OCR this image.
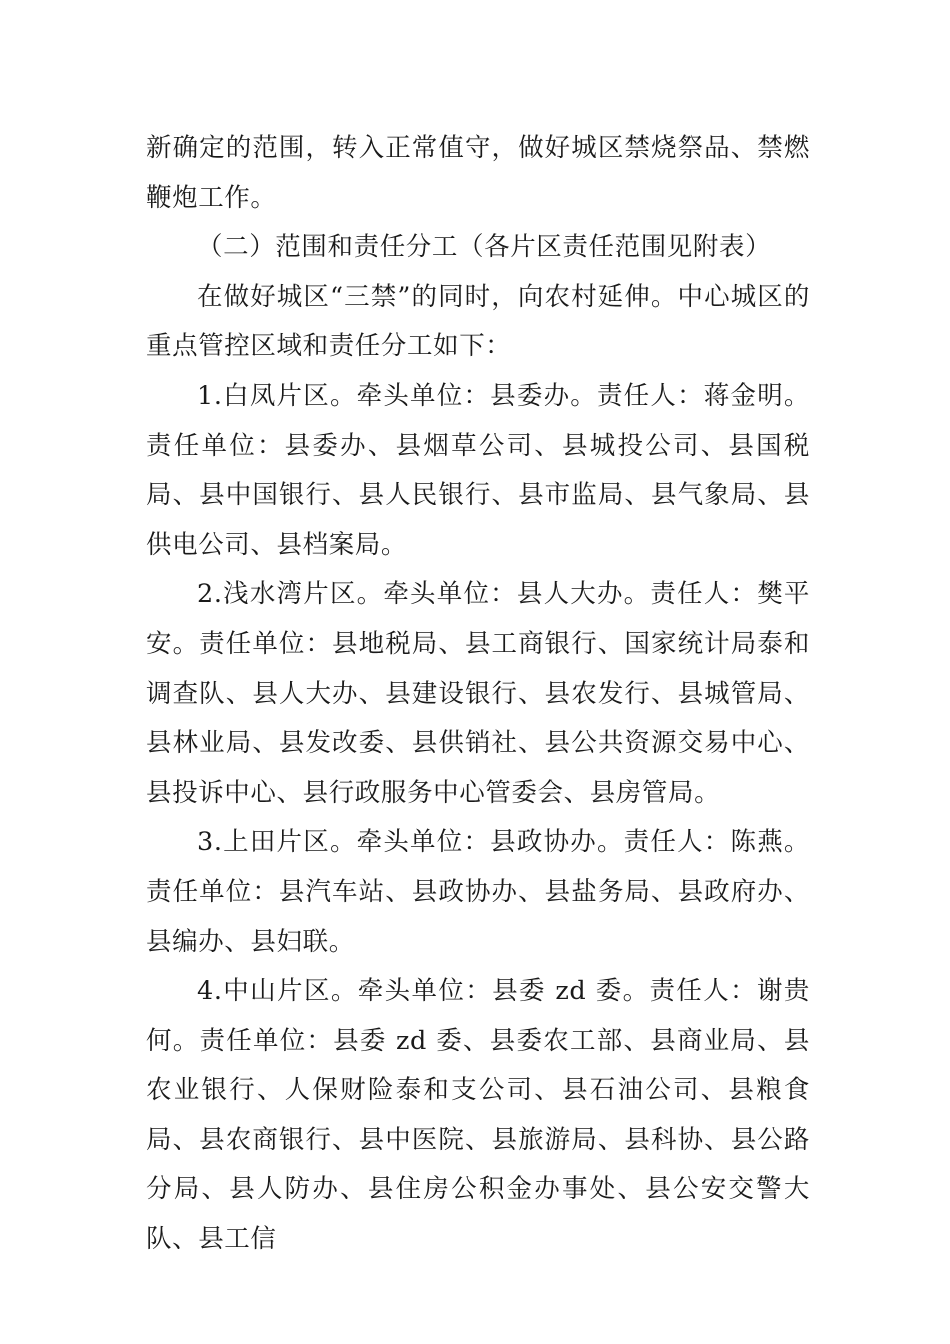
新确定的范围，转入正常值守，做好城区禁烧祭品、禁燃鞭炮工作。

（二）范围和责任分工（各片区责任范围见附表）

在做好城区“三禁”的同时，向农村延伸。中心城区的重点管控区域和责任分工如下：

1.白凤片区。牵头单位：县委办。责任人：蒋金明。责任单位：县委办、县烟草公司、县城投公司、县国税局、县中国银行、县人民银行、县市监局、县气象局、县供电公司、县档案局。

2.浅水湾片区。牵头单位：县人大办。责任人：樊平安。责任单位：县地税局、县工商银行、国家统计局泰和调查队、县人大办、县建设银行、县农发行、县城管局、县林业局、县发改委、县供销社、县公共资源交易中心、县投诉中心、县行政服务中心管委会、县房管局。

3.上田片区。牵头单位：县政协办。责任人：陈燕。责任单位：县汽车站、县政协办、县盐务局、县政府办、县编办、县妇联。

4.中山片区。牵头单位：县委 zd 委。责任人：谢贵何。责任单位：县委 zd 委、县委农工部、县商业局、县农业银行、人保财险泰和支公司、县石油公司、县粮食局、县农商银行、县中医院、县旅游局、县科协、县公路分局、县人防办、县住房公积金办事处、县公安交警大队、县工信
